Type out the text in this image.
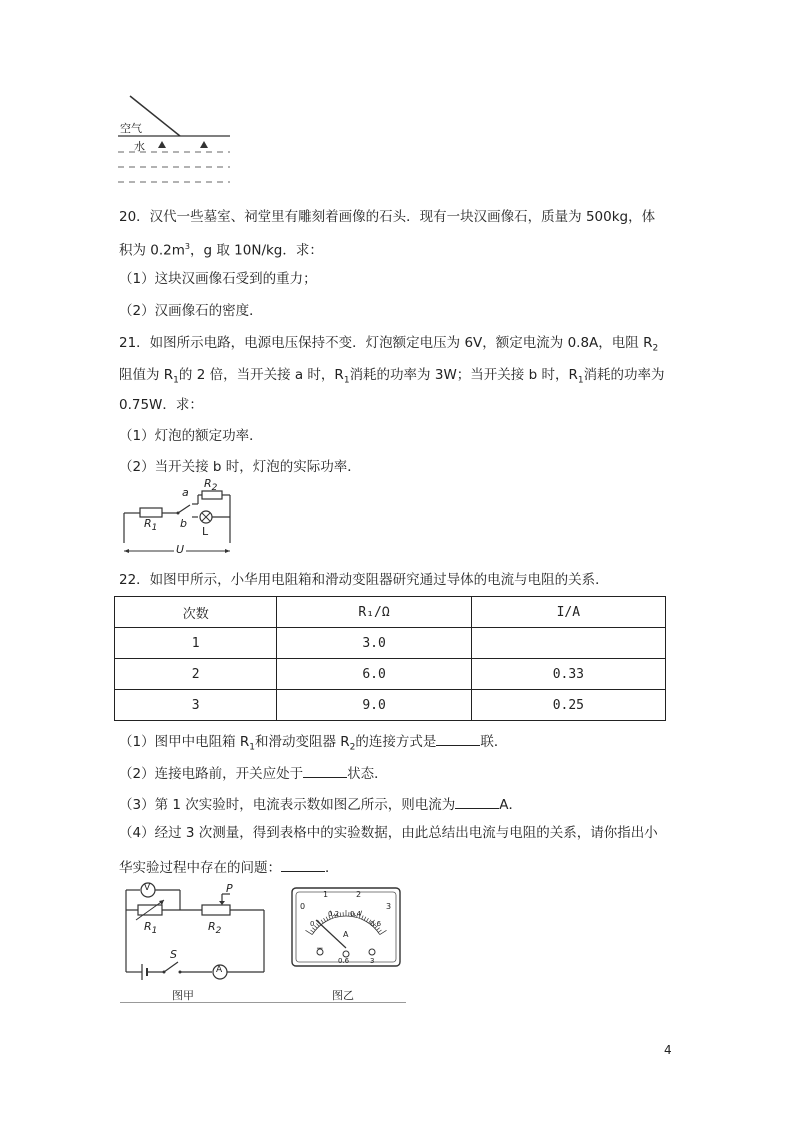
空气
水
20．汉代一些墓室、祠堂里有雕刻着画像的石头．现有一块汉画像石，质量为 500kg，体
积为 $0.2m^3$，g 取 10N/kg．求：
（1）这块汉画像石受到的重力；
（2）汉画像石的密度．
21．如图所示电路，电源电压保持不变．灯泡额定电压为 6V，额定电流为 0.8A，电阻 $R_2$
阻值为 $R_1$的 2 倍，当开关接 a 时，$R_1$消耗的功率为 3W；当开关接 b 时，$R_1$消耗的功率为
0.75W．求：
（1）灯泡的额定功率．
（2）当开关接 b 时，灯泡的实际功率．
a
b
$R_1$
$R_2$
L
U
22．如图甲所示，小华用电阻箱和滑动变阻器研究通过导体的电流与电阻的关系．
次数	R₁/Ω	I/A
1	3.0	
2	6.0	0.33
3	9.0	0.25
（1）图甲中电阻箱 $R_1$和滑动变阻器 $R_2$的连接方式是	联．
（2）连接电路前，开关应处于	状态．
（3）第 1 次实验时，电流表示数如图乙所示，则电流为	A．
（4）经过 3 次测量，得到表格中的实验数据，由此总结出电流与电阻的关系，请你指出小
华实验过程中存在的问题：	．
V
A
P
S
$R_1$	$R_2$
图甲
0
1	2
3
0
0.2 0.4
0.6
A
−
0.6	3
图乙
4
